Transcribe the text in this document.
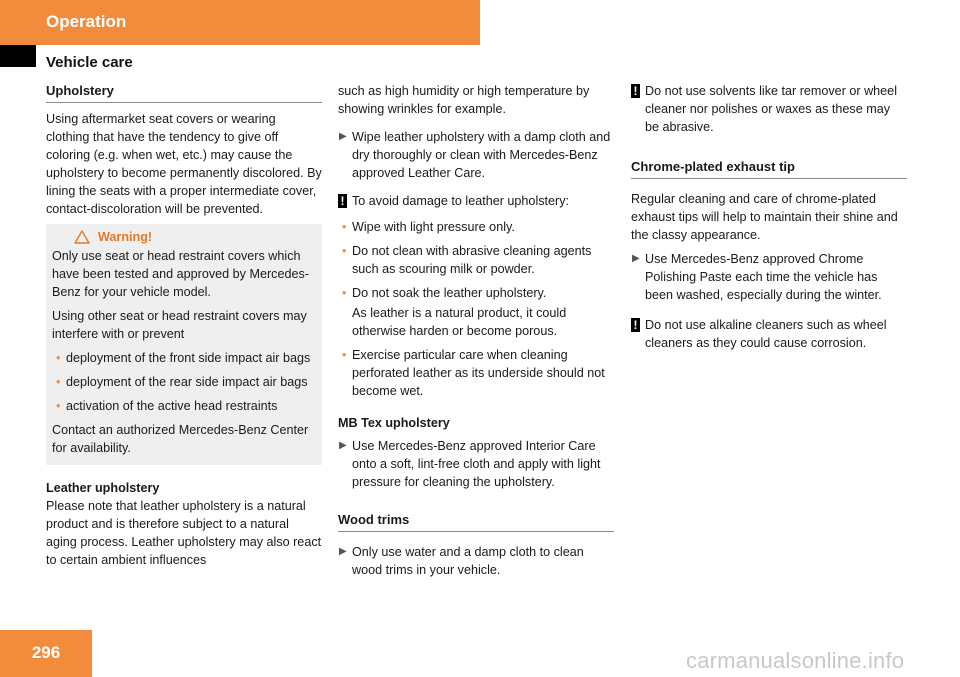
Operation
Vehicle care
Upholstery

Using aftermarket seat covers or wearing clothing that have the tendency to give off coloring (e.g. when wet, etc.) may cause the upholstery to become permanently discolored. By lining the seats with a proper intermediate cover, contact-discoloration will be prevented.

Warning!

Only use seat or head restraint covers which have been tested and approved by Mercedes-Benz for your vehicle model.

Using other seat or head restraint covers may interfere with or prevent

• deployment of the front side impact air bags
• deployment of the rear side impact air bags
• activation of the active head restraints

Contact an authorized Mercedes-Benz Center for availability.

Leather upholstery

Please note that leather upholstery is a natural product and is therefore subject to a natural aging process. Leather upholstery may also react to certain ambient influences

such as high humidity or high temperature by showing wrinkles for example.

▶ Wipe leather upholstery with a damp cloth and dry thoroughly or clean with Mercedes-Benz approved Leather Care.
! To avoid damage to leather upholstery:
• Wipe with light pressure only.
• Do not clean with abrasive cleaning agents such as scouring milk or powder.
• Do not soak the leather upholstery.
As leather is a natural product, it could otherwise harden or become porous.
• Exercise particular care when cleaning perforated leather as its underside should not become wet.
MB Tex upholstery
▶ Use Mercedes-Benz approved Interior Care onto a soft, lint-free cloth and apply with light pressure for cleaning the upholstery.
Wood trims
▶ Only use water and a damp cloth to clean wood trims in your vehicle.
! Do not use solvents like tar remover or wheel cleaner nor polishes or waxes as these may be abrasive.
Chrome-plated exhaust tip

Regular cleaning and care of chrome-plated exhaust tips will help to maintain their shine and the classy appearance.

▶ Use Mercedes-Benz approved Chrome Polishing Paste each time the vehicle has been washed, especially during the winter.
! Do not use alkaline cleaners such as wheel cleaners as they could cause corrosion.
296	carmanualsonline.info
